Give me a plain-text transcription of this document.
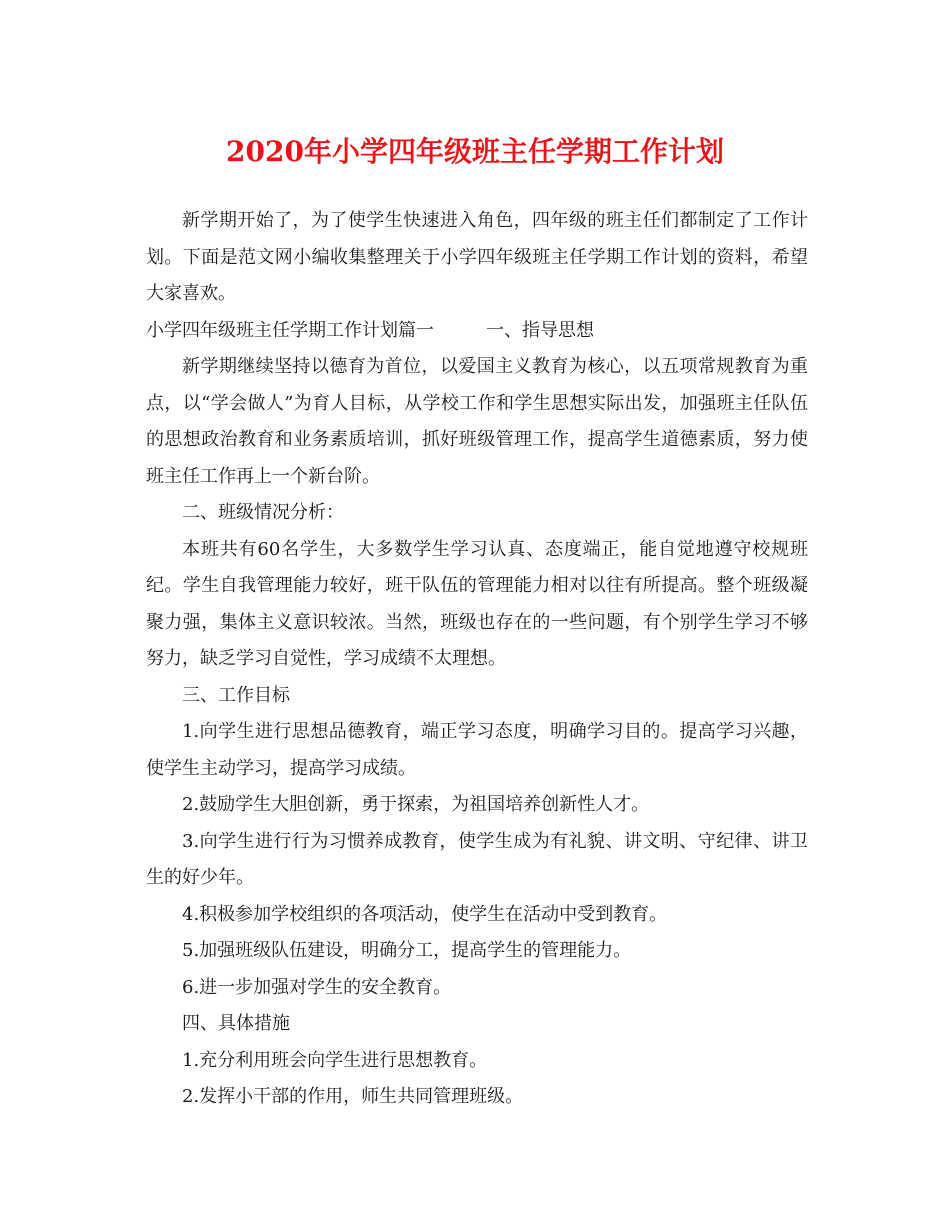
2020年小学四年级班主任学期工作计划

新学期开始了，为了使学生快速进入角色，四年级的班主任们都制定了工作计划。下面是范文网小编收集整理关于小学四年级班主任学期工作计划的资料，希望大家喜欢。

小学四年级班主任学期工作计划篇一	一、指导思想

新学期继续坚持以德育为首位，以爱国主义教育为核心，以五项常规教育为重点，以“学会做人”为育人目标，从学校工作和学生思想实际出发，加强班主任队伍的思想政治教育和业务素质培训，抓好班级管理工作，提高学生道德素质，努力使班主任工作再上一个新台阶。

二、班级情况分析：

本班共有60名学生，大多数学生学习认真、态度端正，能自觉地遵守校规班纪。学生自我管理能力较好，班干队伍的管理能力相对以往有所提高。整个班级凝聚力强，集体主义意识较浓。当然，班级也存在的一些问题，有个别学生学习不够努力，缺乏学习自觉性，学习成绩不太理想。

三、工作目标

1.向学生进行思想品德教育，端正学习态度，明确学习目的。提高学习兴趣，使学生主动学习，提高学习成绩。

2.鼓励学生大胆创新，勇于探索，为祖国培养创新性人才。

3.向学生进行行为习惯养成教育，使学生成为有礼貌、讲文明、守纪律、讲卫生的好少年。

4.积极参加学校组织的各项活动，使学生在活动中受到教育。

5.加强班级队伍建设，明确分工，提高学生的管理能力。

6.进一步加强对学生的安全教育。

四、具体措施

1.充分利用班会向学生进行思想教育。

2.发挥小干部的作用，师生共同管理班级。
